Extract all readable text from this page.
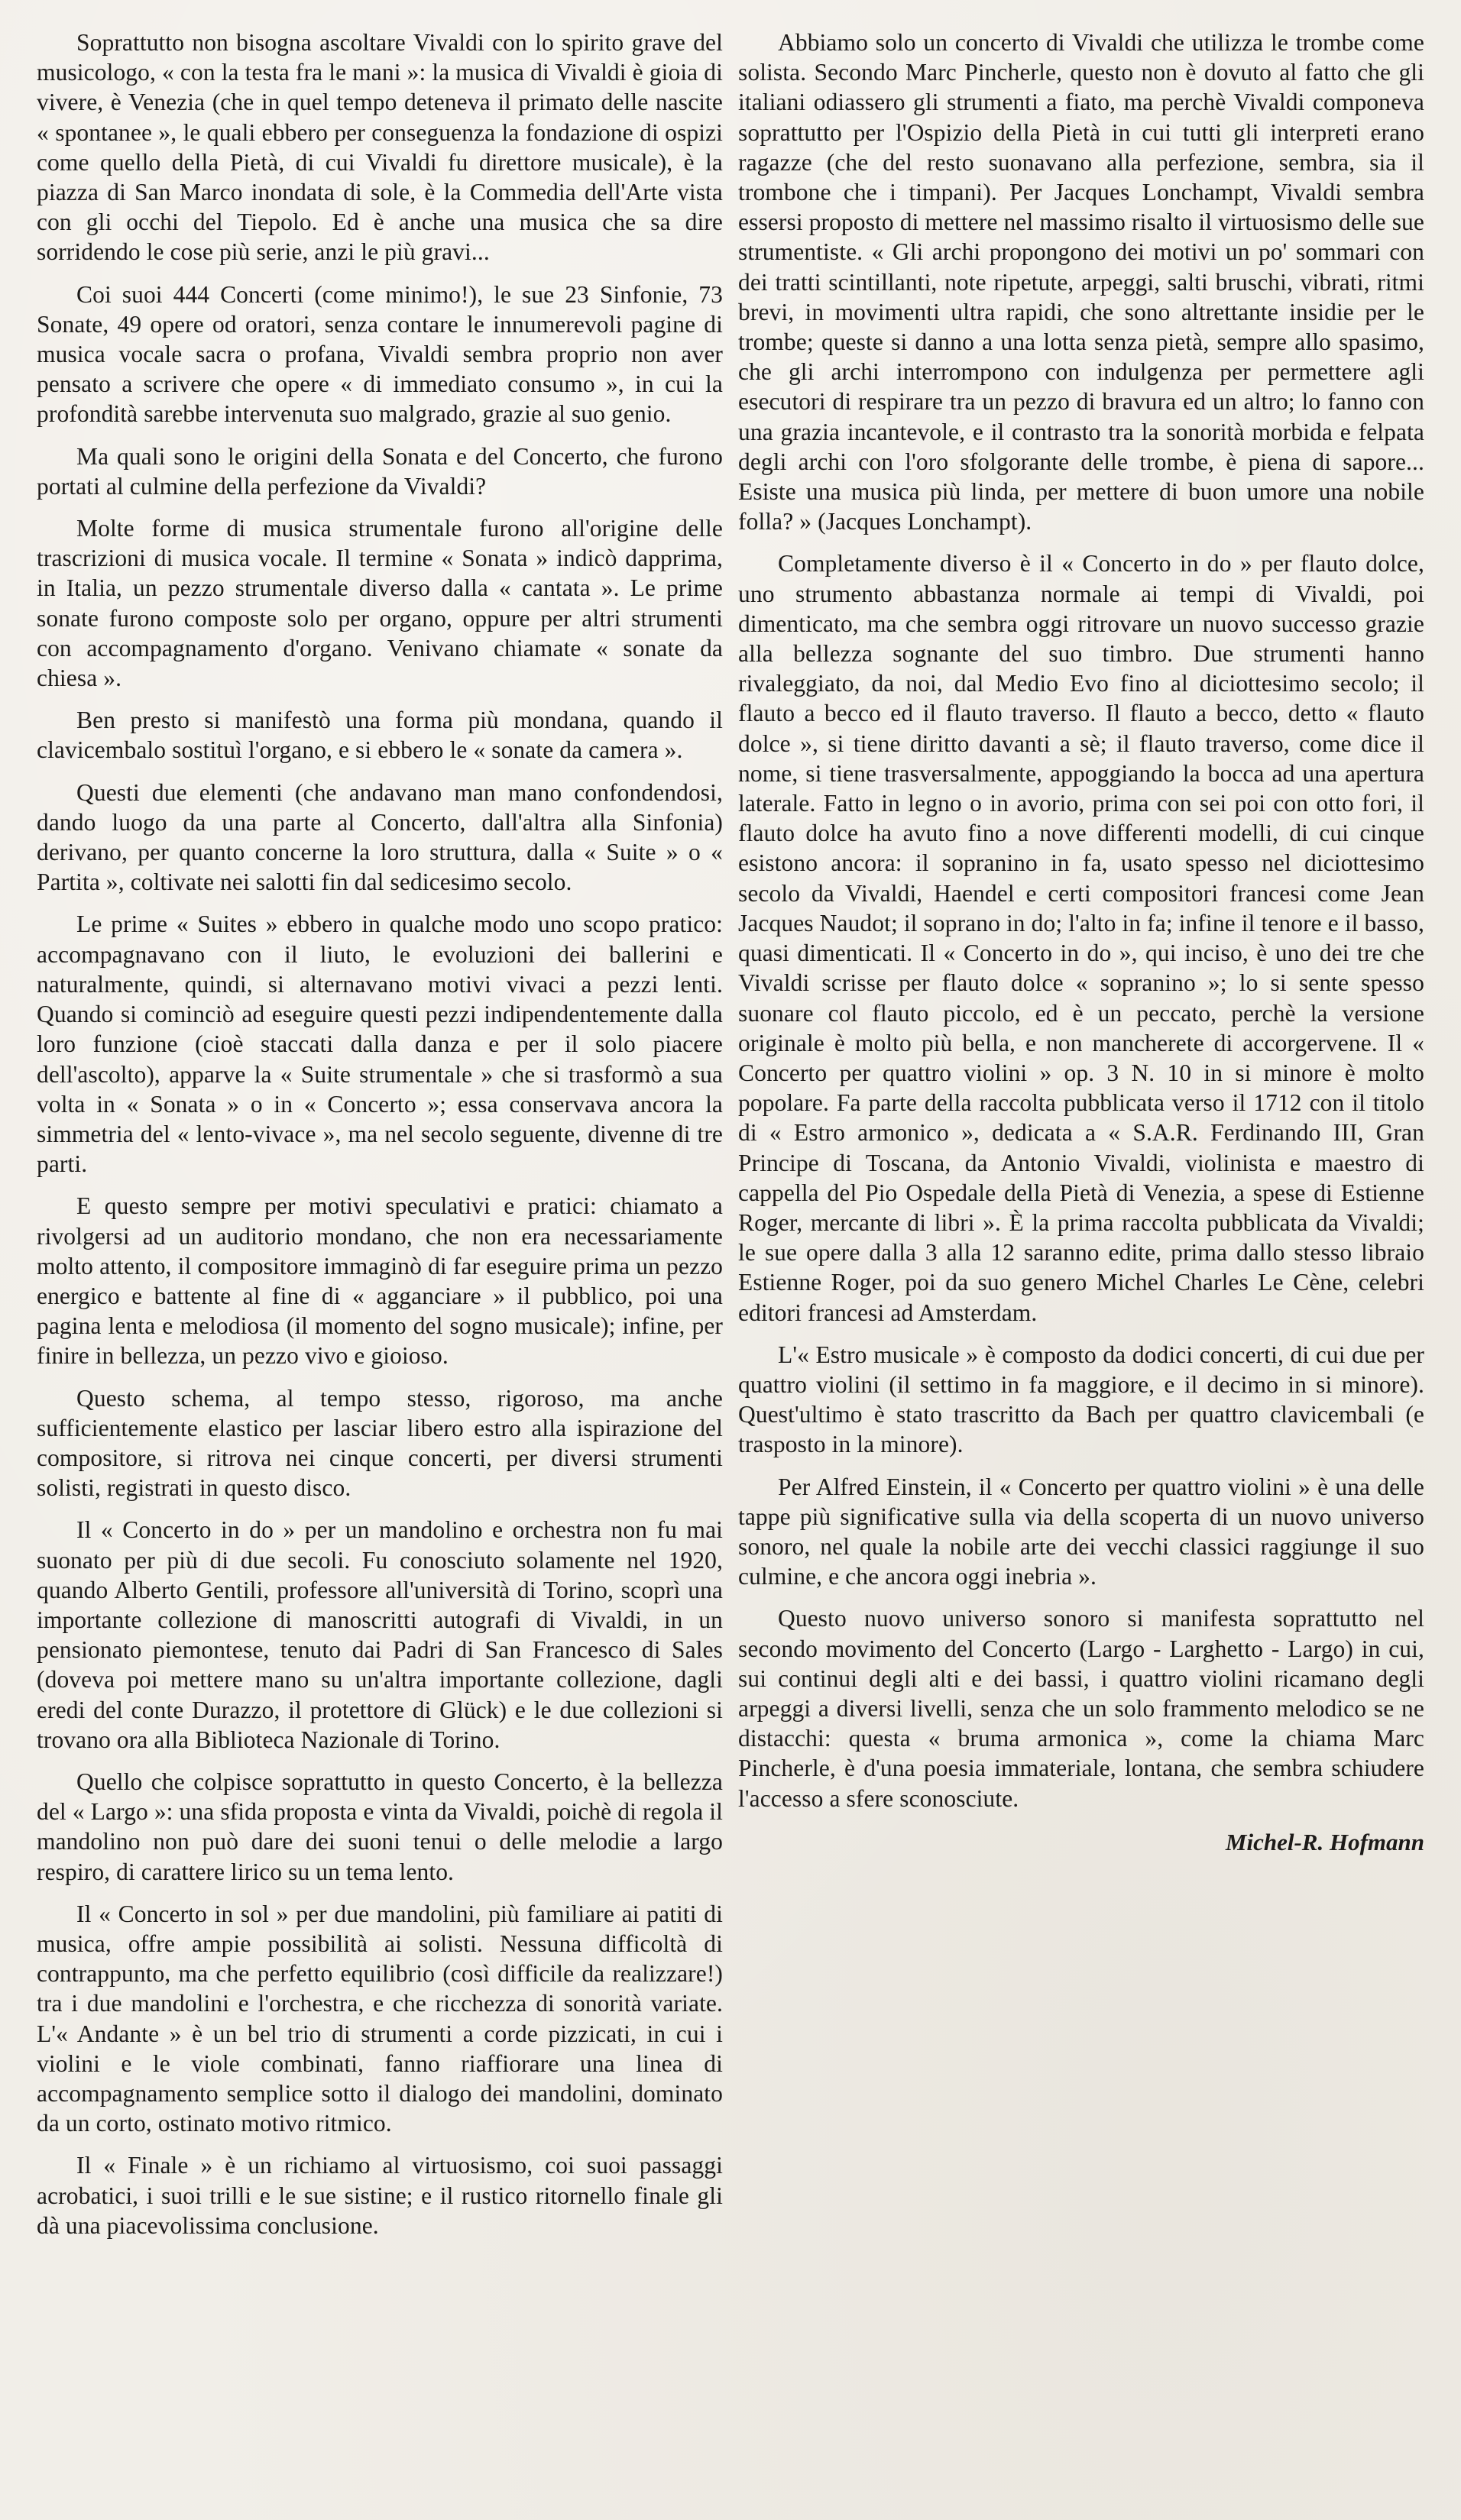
Soprattutto non bisogna ascoltare Vivaldi con lo spirito grave del musicologo, « con la testa fra le mani »: la musica di Vivaldi è gioia di vivere, è Venezia (che in quel tempo deteneva il primato delle nascite « spontanee », le quali ebbero per conseguenza la fondazione di ospizi come quello della Pietà, di cui Vivaldi fu direttore musicale), è la piazza di San Marco inondata di sole, è la Commedia dell'Arte vista con gli occhi del Tiepolo. Ed è anche una musica che sa dire sorridendo le cose più serie, anzi le più gravi...

Coi suoi 444 Concerti (come minimo!), le sue 23 Sinfonie, 73 Sonate, 49 opere od oratori, senza contare le innumerevoli pagine di musica vocale sacra o profana, Vivaldi sembra proprio non aver pensato a scrivere che opere « di immediato consumo », in cui la profondità sarebbe intervenuta suo malgrado, grazie al suo genio.

Ma quali sono le origini della Sonata e del Concerto, che furono portati al culmine della perfezione da Vivaldi?

Molte forme di musica strumentale furono all'origine delle trascrizioni di musica vocale. Il termine « Sonata » indicò dapprima, in Italia, un pezzo strumentale diverso dalla « cantata ». Le prime sonate furono composte solo per organo, oppure per altri strumenti con accompagnamento d'organo. Venivano chiamate « sonate da chiesa ».

Ben presto si manifestò una forma più mondana, quando il clavicembalo sostituì l'organo, e si ebbero le « sonate da camera ».

Questi due elementi (che andavano man mano confondendosi, dando luogo da una parte al Concerto, dall'altra alla Sinfonia) derivano, per quanto concerne la loro struttura, dalla « Suite » o « Partita », coltivate nei salotti fin dal sedicesimo secolo.

Le prime « Suites » ebbero in qualche modo uno scopo pratico: accompagnavano con il liuto, le evoluzioni dei ballerini e naturalmente, quindi, si alternavano motivi vivaci a pezzi lenti. Quando si cominciò ad eseguire questi pezzi indipendentemente dalla loro funzione (cioè staccati dalla danza e per il solo piacere dell'ascolto), apparve la « Suite strumentale » che si trasformò a sua volta in « Sonata » o in « Concerto »; essa conservava ancora la simmetria del « lento-vivace », ma nel secolo seguente, divenne di tre parti.

E questo sempre per motivi speculativi e pratici: chiamato a rivolgersi ad un auditorio mondano, che non era necessariamente molto attento, il compositore immaginò di far eseguire prima un pezzo energico e battente al fine di « agganciare » il pubblico, poi una pagina lenta e melodiosa (il momento del sogno musicale); infine, per finire in bellezza, un pezzo vivo e gioioso.

Questo schema, al tempo stesso, rigoroso, ma anche sufficientemente elastico per lasciar libero estro alla ispirazione del compositore, si ritrova nei cinque concerti, per diversi strumenti solisti, registrati in questo disco.

Il « Concerto in do » per un mandolino e orchestra non fu mai suonato per più di due secoli. Fu conosciuto solamente nel 1920, quando Alberto Gentili, professore all'università di Torino, scoprì una importante collezione di manoscritti autografi di Vivaldi, in un pensionato piemontese, tenuto dai Padri di San Francesco di Sales (doveva poi mettere mano su un'altra importante collezione, dagli eredi del conte Durazzo, il protettore di Glück) e le due collezioni si trovano ora alla Biblioteca Nazionale di Torino.

Quello che colpisce soprattutto in questo Concerto, è la bellezza del « Largo »: una sfida proposta e vinta da Vivaldi, poichè di regola il mandolino non può dare dei suoni tenui o delle melodie a largo respiro, di carattere lirico su un tema lento.

Il « Concerto in sol » per due mandolini, più familiare ai patiti di musica, offre ampie possibilità ai solisti. Nessuna difficoltà di contrappunto, ma che perfetto equilibrio (così difficile da realizzare!) tra i due mandolini e l'orchestra, e che ricchezza di sonorità variate. L'« Andante » è un bel trio di strumenti a corde pizzicati, in cui i violini e le viole combinati, fanno riaffiorare una linea di accompagnamento semplice sotto il dialogo dei mandolini, dominato da un corto, ostinato motivo ritmico.

Il « Finale » è un richiamo al virtuosismo, coi suoi passaggi acrobatici, i suoi trilli e le sue sistine; e il rustico ritornello finale gli dà una piacevolissima conclusione.

Abbiamo solo un concerto di Vivaldi che utilizza le trombe come solista. Secondo Marc Pincherle, questo non è dovuto al fatto che gli italiani odiassero gli strumenti a fiato, ma perchè Vivaldi componeva soprattutto per l'Ospizio della Pietà in cui tutti gli interpreti erano ragazze (che del resto suonavano alla perfezione, sembra, sia il trombone che i timpani). Per Jacques Lonchampt, Vivaldi sembra essersi proposto di mettere nel massimo risalto il virtuosismo delle sue strumentiste. « Gli archi propongono dei motivi un po' sommari con dei tratti scintillanti, note ripetute, arpeggi, salti bruschi, vibrati, ritmi brevi, in movimenti ultra rapidi, che sono altrettante insidie per le trombe; queste si danno a una lotta senza pietà, sempre allo spasimo, che gli archi interrompono con indulgenza per permettere agli esecutori di respirare tra un pezzo di bravura ed un altro; lo fanno con una grazia incantevole, e il contrasto tra la sonorità morbida e felpata degli archi con l'oro sfolgorante delle trombe, è piena di sapore... Esiste una musica più linda, per mettere di buon umore una nobile folla? » (Jacques Lonchampt).

Completamente diverso è il « Concerto in do » per flauto dolce, uno strumento abbastanza normale ai tempi di Vivaldi, poi dimenticato, ma che sembra oggi ritrovare un nuovo successo grazie alla bellezza sognante del suo timbro. Due strumenti hanno rivaleggiato, da noi, dal Medio Evo fino al diciottesimo secolo; il flauto a becco ed il flauto traverso. Il flauto a becco, detto « flauto dolce », si tiene diritto davanti a sè; il flauto traverso, come dice il nome, si tiene trasversalmente, appoggiando la bocca ad una apertura laterale. Fatto in legno o in avorio, prima con sei poi con otto fori, il flauto dolce ha avuto fino a nove differenti modelli, di cui cinque esistono ancora: il sopranino in fa, usato spesso nel diciottesimo secolo da Vivaldi, Haendel e certi compositori francesi come Jean Jacques Naudot; il soprano in do; l'alto in fa; infine il tenore e il basso, quasi dimenticati. Il « Concerto in do », qui inciso, è uno dei tre che Vivaldi scrisse per flauto dolce « sopranino »; lo si sente spesso suonare col flauto piccolo, ed è un peccato, perchè la versione originale è molto più bella, e non mancherete di accorgervene. Il « Concerto per quattro violini » op. 3 N. 10 in si minore è molto popolare. Fa parte della raccolta pubblicata verso il 1712 con il titolo di « Estro armonico », dedicata a « S.A.R. Ferdinando III, Gran Principe di Toscana, da Antonio Vivaldi, violinista e maestro di cappella del Pio Ospedale della Pietà di Venezia, a spese di Estienne Roger, mercante di libri ». È la prima raccolta pubblicata da Vivaldi; le sue opere dalla 3 alla 12 saranno edite, prima dallo stesso libraio Estienne Roger, poi da suo genero Michel Charles Le Cène, celebri editori francesi ad Amsterdam.

L'« Estro musicale » è composto da dodici concerti, di cui due per quattro violini (il settimo in fa maggiore, e il decimo in si minore). Quest'ultimo è stato trascritto da Bach per quattro clavicembali (e trasposto in la minore).

Per Alfred Einstein, il « Concerto per quattro violini » è una delle tappe più significative sulla via della scoperta di un nuovo universo sonoro, nel quale la nobile arte dei vecchi classici raggiunge il suo culmine, e che ancora oggi inebria ».

Questo nuovo universo sonoro si manifesta soprattutto nel secondo movimento del Concerto (Largo - Larghetto - Largo) in cui, sui continui degli alti e dei bassi, i quattro violini ricamano degli arpeggi a diversi livelli, senza che un solo frammento melodico se ne distacchi: questa « bruma armonica », come la chiama Marc Pincherle, è d'una poesia immateriale, lontana, che sembra schiudere l'accesso a sfere sconosciute.

Michel-R. Hofmann
